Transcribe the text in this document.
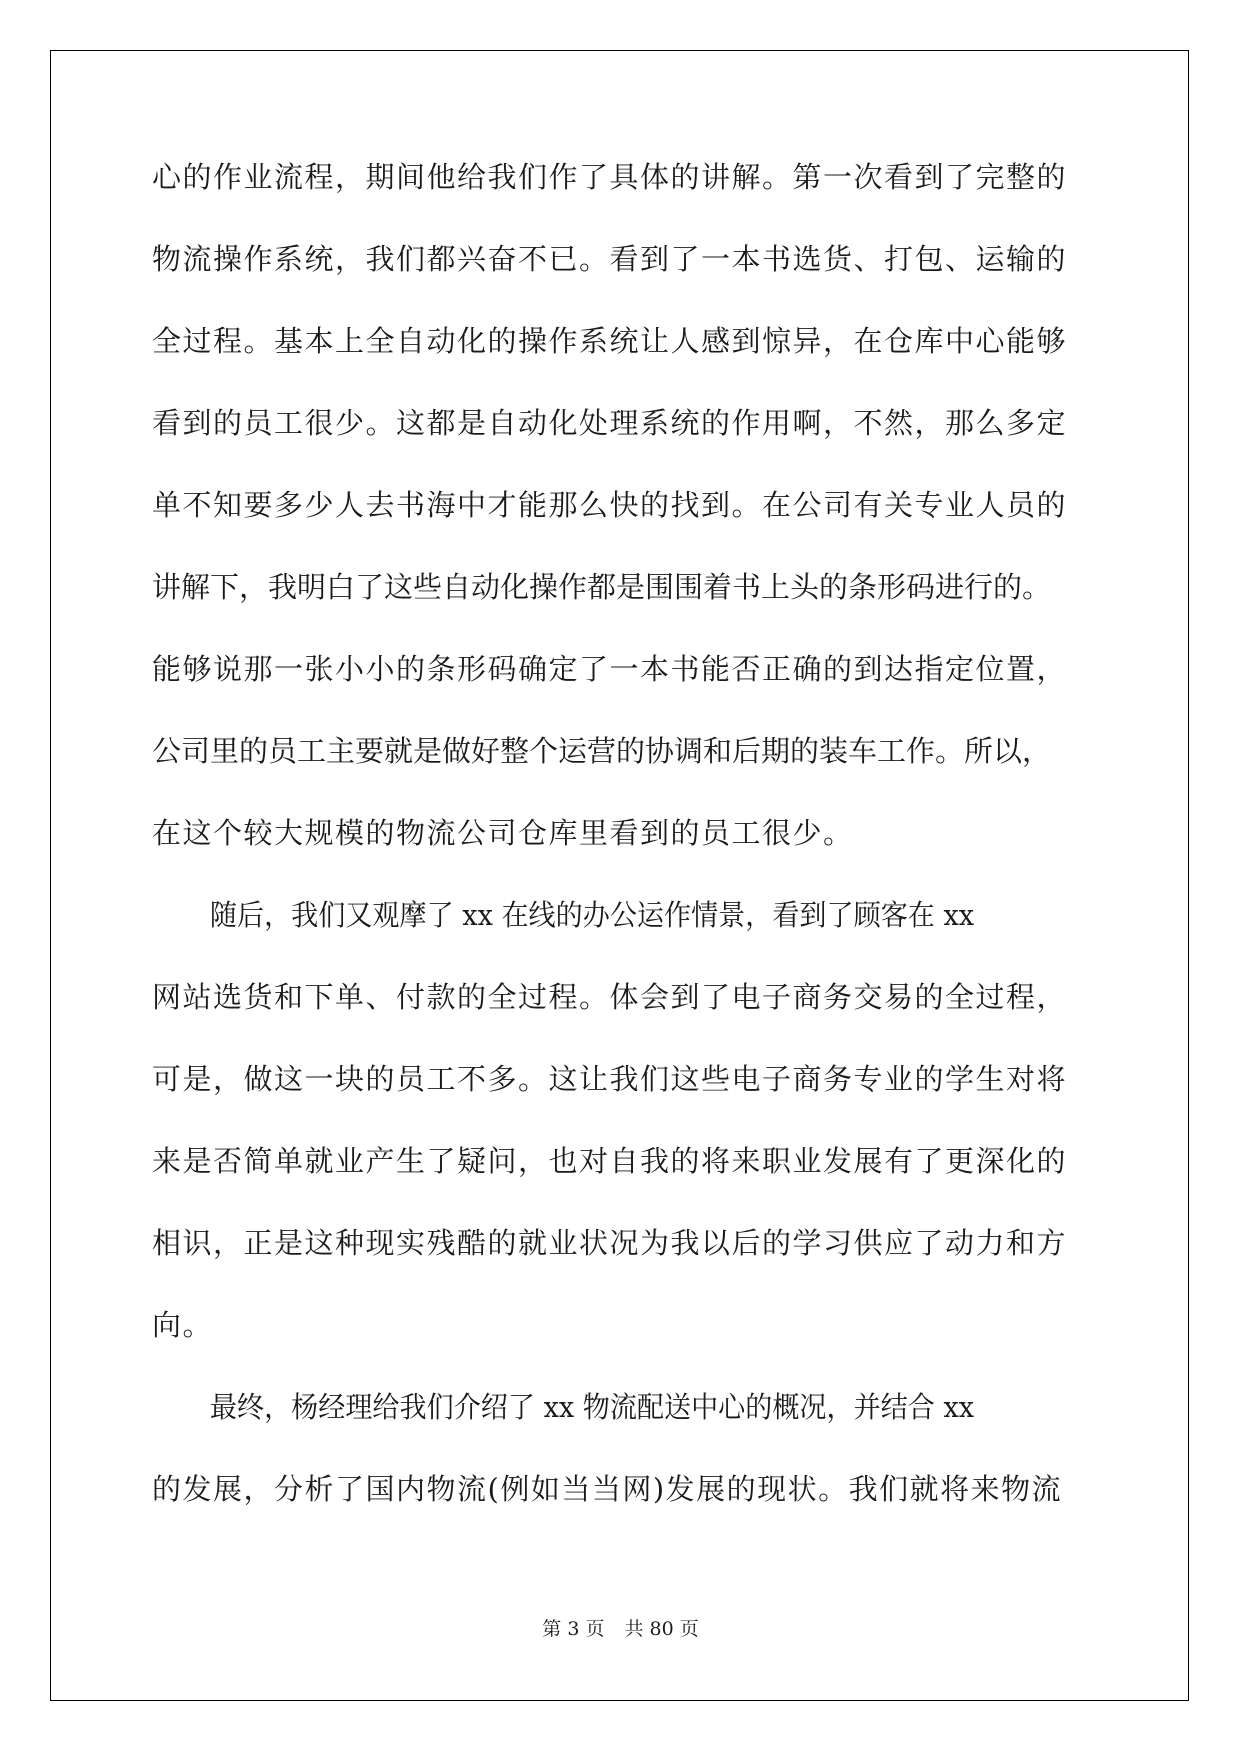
心的作业流程，期间他给我们作了具体的讲解。第一次看到了完整的
物流操作系统，我们都兴奋不已。看到了一本书选货、打包、运输的
全过程。基本上全自动化的操作系统让人感到惊异，在仓库中心能够
看到的员工很少。这都是自动化处理系统的作用啊，不然，那么多定
单不知要多少人去书海中才能那么快的找到。在公司有关专业人员的
讲解下，我明白了这些自动化操作都是围围着书上头的条形码进行的。
能够说那一张小小的条形码确定了一本书能否正确的到达指定位置，
公司里的员工主要就是做好整个运营的协调和后期的装车工作。所以，
在这个较大规模的物流公司仓库里看到的员工很少。
随后，我们又观摩了 xx 在线的办公运作情景，看到了顾客在 xx
网站选货和下单、付款的全过程。体会到了电子商务交易的全过程，
可是，做这一块的员工不多。这让我们这些电子商务专业的学生对将
来是否简单就业产生了疑问，也对自我的将来职业发展有了更深化的
相识，正是这种现实残酷的就业状况为我以后的学习供应了动力和方
向。
最终，杨经理给我们介绍了 xx 物流配送中心的概况，并结合 xx
的发展，分析了国内物流(例如当当网)发展的现状。我们就将来物流
第 3 页 共 80 页
